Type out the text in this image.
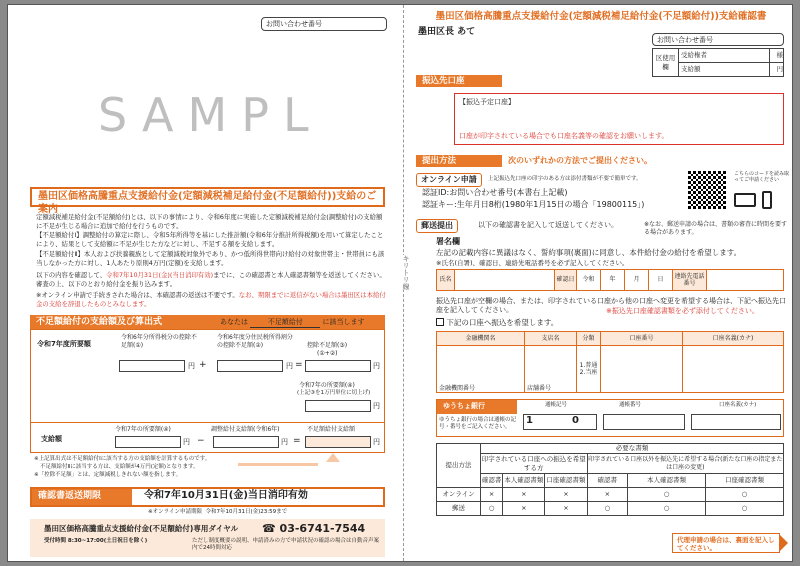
お問い合わせ番号
SAMPL
墨田区価格高騰重点支援給付金(定額減税補足給付金(不足額給付))支給のご案内
定額減税補足給付金(不足額給付)とは、以下の事情により、令和6年度に実施した定額減税補足給付金(調整給付)の支給額に不足が生じる場合に追加で給付を行うものです。
【不足額給付Ⅰ】調整給付の算定に際し、令和5年所得等を基にした推計額(令和6年分推計所得税額)を用いて算定したことにより、結果として支給額に不足が生じた方などに対し、不足する額を支給します。
【不足額給付Ⅱ】本人および扶養親族として定額減税対象外であり、かつ低所得世帯向け給付の対象世帯主・世帯員にも該当しなかった方に対し、1人あたり原則4万円(定額)を支給します。
以下の内容を確認して、令和7年10月31日(金)(当日消印有効)までに、この確認書と本人確認書類等を返送してください。審査の上、以下のとおり給付金を振り込みます。
※オンライン申請で手続きされた場合は、本確認書の返送は不要です。なお、期限までに返信がない場合は墨田区は本給付金の支給を辞退したものとみなします。
不足額給付の支給額及び算出式	あなたは	不足額給付	に該当します
令和7年度所要額
令和6年分所得税分の控除不足額(①)
円 +
令和6年度分住民税所得割分の控除不足額(②)
円 =
控除不足額(③)
(①+②)
円
令和7年の所要額(④)
(上記③を1万円単位に切上げ)
円
支給額
令和7年の所要額(④)
円 −
調整給付支給額(令和6年)
円 =
不足額給付支給額
円
※上記算出式は不足額給付Ⅰに該当する方の支給額を計算するものです。
不足額給付Ⅱに該当する方は、支給額が4万円(定額)となります。
※「控除不足額」とは、定額減税しきれない額を指します。
確認書返送期限	令和7年10月31日(金)当日消印有効
※オンライン申請期限 令和7年10月31日(金)23:59まで
墨田区価格高騰重点支援給付金(不足額給付)専用ダイヤル ☎ 03-6741-7544
受付時間 8:30~17:00(土日祝日を除く)	ただし制度概要の説明、申請済みの方で申請状況の確認の場合は自動音声案内で24時間対応
キリトリ線
墨田区価格高騰重点支援給付金(定額減税補足給付金(不足額給付))支給確認書
墨田区長 あて
お問い合わせ番号
区使用欄	受給権者	様
	支給額	円
振込先口座
【振込予定口座】
口座が印字されている場合でも口座名義等の確認をお願いします。
提出方法	次のいずれかの方法でご提出ください。
オンライン申請	上記振込先口座の印字のある方は添付書類が不要で簡単です。
認証ID:お問い合わせ番号(本書右上記載)
認証キー:生年月日8桁(1980年1月15日の場合「19800115」)
こちらのコードを読み取ってご申請ください
郵送提出	以下の確認書を記入して返送してください。	※なお、郵送申請の場合は、書類の審査に時間を要する場合があります。
署名欄
左記の記載内容に異議はなく、誓約事項(裏面)に同意し、本件給付金の給付を希望します。
※氏名(自署)、確認日、連絡先電話番号を必ず記入してください。
氏名		確認日	令和	年	月	日	連絡先電話番号	
振込先口座が空欄の場合、または、印字されている口座から他の口座へ変更を希望する場合は、下記へ振込先口座を記入してください。	※振込先口座確認書類を必ず添付してください。
下記の口座へ振込を希望します。
金融機関名	支店名	分類	口座番号	口座名義(カナ)
金融機関番号	店舗番号	1.普通
2.当座		

ゆうちょ銀行
ゆうちょ銀行の場合は通帳の記号・番号をご記入ください。
通帳記号	通帳番号	口座名義(カナ)
1	0
提出方法	必要な書類					
	印字されている口座への振込を希望する方			印字されている口座以外を振込先に希望する場合(新たな口座の指定または口座の変更)		
	確認書	本人確認書類	口座確認書類	確認書	本人確認書類	口座確認書類
オンライン	×	×	×	×	○	○
郵送	○	×	×	○	○	○
代理申請の場合は、裏面を記入してください。
